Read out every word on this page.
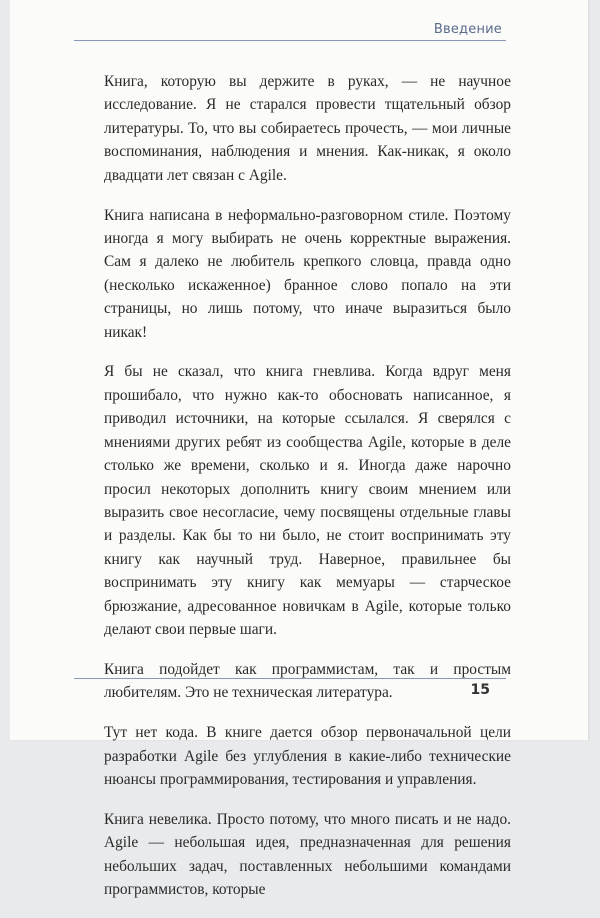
Введение

Книга, которую вы держите в руках, — не научное исследование. Я не старался провести тщательный обзор литературы. То, что вы собираетесь прочесть, — мои личные воспоминания, наблюдения и мнения. Как-никак, я около двадцати лет связан с Agile.

Книга написана в неформально-разговорном стиле. Поэтому иногда я могу выбирать не очень корректные выражения. Сам я далеко не любитель крепкого словца, правда одно (несколько искаженное) бранное слово попало на эти страницы, но лишь потому, что иначе выразиться было никак!

Я бы не сказал, что книга гневлива. Когда вдруг меня прошибало, что нужно как-то обосновать написанное, я приводил источники, на которые ссылался. Я сверялся с мнениями других ребят из сообщества Agile, которые в деле столько же времени, сколько и я. Иногда даже нарочно просил некоторых дополнить книгу своим мнением или выразить свое несогласие, чему посвящены отдельные главы и разделы. Как бы то ни было, не стоит воспринимать эту книгу как научный труд. Наверное, правильнее бы воспринимать эту книгу как мемуары — старческое брюзжание, адресованное новичкам в Agile, которые только делают свои первые шаги.

Книга подойдет как программистам, так и простым любителям. Это не техническая литература.

Тут нет кода. В книге дается обзор первоначальной цели разработки Agile без углубления в какие-либо технические нюансы программирования, тестирования и управления.

Книга невелика. Просто потому, что много писать и не надо. Agile — небольшая идея, предназначенная для решения небольших задач, поставленных небольшими командами программистов, которые

15
